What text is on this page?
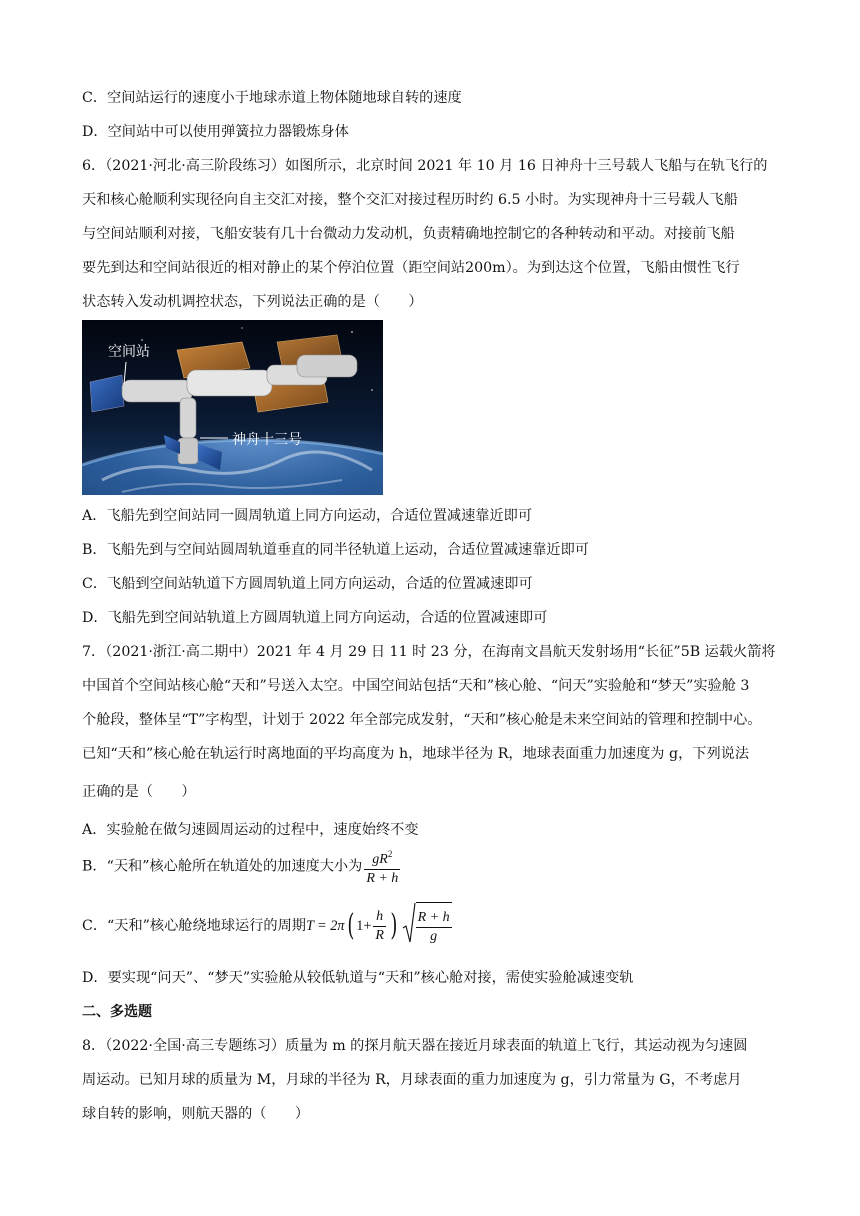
C．空间站运行的速度小于地球赤道上物体随地球自转的速度
D．空间站中可以使用弹簧拉力器锻炼身体
6．（2021·河北·高三阶段练习）如图所示，北京时间 2021 年 10 月 16 日神舟十三号载人飞船与在轨飞行的
天和核心舱顺利实现径向自主交汇对接，整个交汇对接过程历时约 6.5 小时。为实现神舟十三号载人飞船
与空间站顺利对接，飞船安装有几十台微动力发动机，负责精确地控制它的各种转动和平动。对接前飞船
要先到达和空间站很近的相对静止的某个停泊位置（距空间站200m）。为到达这个位置，飞船由惯性飞行
状态转入发动机调控状态，下列说法正确的是（　　）
空间站
神舟十三号
A．飞船先到空间站同一圆周轨道上同方向运动，合适位置减速靠近即可
B．飞船先到与空间站圆周轨道垂直的同半径轨道上运动，合适位置减速靠近即可
C．飞船到空间站轨道下方圆周轨道上同方向运动，合适的位置减速即可
D．飞船先到空间站轨道上方圆周轨道上同方向运动，合适的位置减速即可
7．（2021·浙江·高二期中）2021 年 4 月 29 日 11 时 23 分，在海南文昌航天发射场用“长征”5B 运载火箭将
中国首个空间站核心舱“天和”号送入太空。中国空间站包括“天和”核心舱、“问天”实验舱和“梦天”实验舱 3
个舱段，整体呈“T”字构型，计划于 2022 年全部完成发射，“天和”核心舱是未来空间站的管理和控制中心。
已知“天和”核心舱在轨运行时离地面的平均高度为 h，地球半径为 R，地球表面重力加速度为 g，下列说法
正确的是（　　）
A．实验舱在做匀速圆周运动的过程中，速度始终不变
B．“天和”核心舱所在轨道处的加速度大小为 $\frac{gR^2}{R + h}$
C．“天和”核心舱绕地球运行的周期T = 2π( $1+ \frac{h}{R}$ ) $\frac{R + h}{g}$
D．要实现“问天”、“梦天”实验舱从较低轨道与“天和”核心舱对接，需使实验舱减速变轨
二、多选题
8．（2022·全国·高三专题练习）质量为 m 的探月航天器在接近月球表面的轨道上飞行，其运动视为匀速圆
周运动。已知月球的质量为 M，月球的半径为 R，月球表面的重力加速度为 g，引力常量为 G，不考虑月
球自转的影响，则航天器的（　　）
